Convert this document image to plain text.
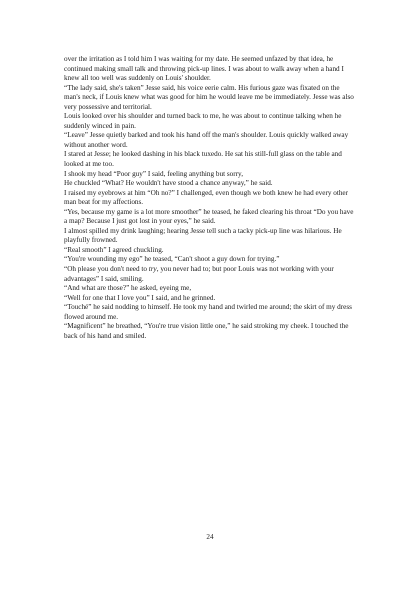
over the irritation as I told him I was waiting for my date. He seemed unfazed by that idea, he continued making small talk and throwing pick-up lines. I was about to walk away when a hand I knew all too well was suddenly on Louis' shoulder.

“The lady said, she's taken” Jesse said, his voice eerie calm. His furious gaze was fixated on the man's neck, if Louis knew what was good for him he would leave me be immediately. Jesse was also very possessive and territorial.

Louis looked over his shoulder and turned back to me, he was about to continue talking when he suddenly winced in pain.

“Leave” Jesse quietly barked and took his hand off the man's shoulder. Louis quickly walked away without another word.

I stared at Jesse; he looked dashing in his black tuxedo. He sat his still-full glass on the table and looked at me too.

I shook my head “Poor guy” I said, feeling anything but sorry,

He chuckled “What? He wouldn't have stood a chance anyway,” he said.

I raised my eyebrows at him “Oh no?” I challenged, even though we both knew he had every other man beat for my affections.

“Yes, because my game is a lot more smoother” he teased, he faked clearing his throat “Do you have a map? Because I just got lost in your eyes,” he said.

I almost spilled my drink laughing; hearing Jesse tell such a tacky pick-up line was hilarious. He playfully frowned.

“Real smooth” I agreed chuckling.

“You're wounding my ego” he teased, “Can't shoot a guy down for trying.”

“Oh please you don't need to try, you never had to; but poor Louis was not working with your advantages” I said, smiling.

“And what are those?” he asked, eyeing me,

“Well for one that I love you” I said, and he grinned.

“Touché” he said nodding to himself. He took my hand and twirled me around; the skirt of my dress flowed around me.

“Magnificent” he breathed, “You're true vision little one,” he said stroking my cheek. I touched the back of his hand and smiled.

24
